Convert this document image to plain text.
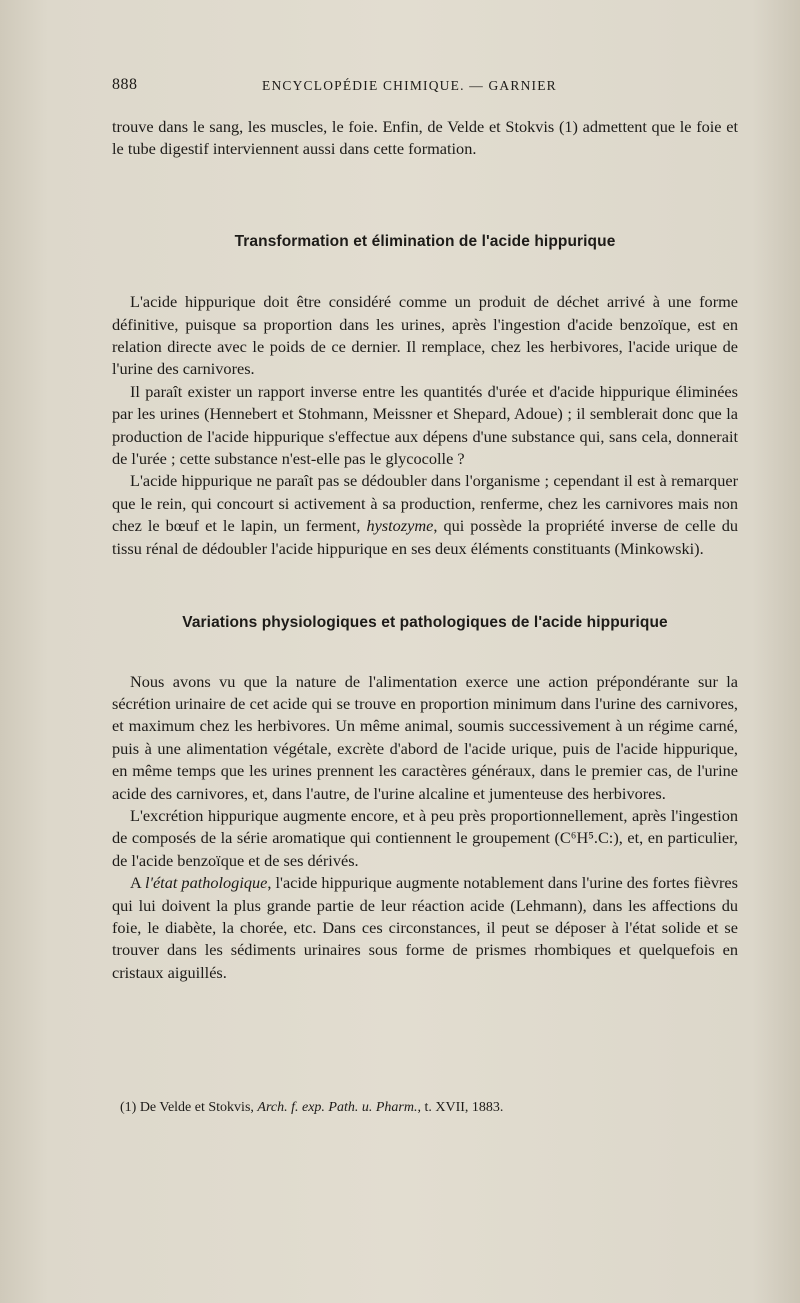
888	ENCYCLOPÉDIE CHIMIQUE. — GARNIER

trouve dans le sang, les muscles, le foie. Enfin, de Velde et Stokvis (1) admettent que le foie et le tube digestif interviennent aussi dans cette formation.

Transformation et élimination de l'acide hippurique

L'acide hippurique doit être considéré comme un produit de déchet arrivé à une forme définitive, puisque sa proportion dans les urines, après l'ingestion d'acide benzoïque, est en relation directe avec le poids de ce dernier. Il remplace, chez les herbivores, l'acide urique de l'urine des carnivores.

Il paraît exister un rapport inverse entre les quantités d'urée et d'acide hippurique éliminées par les urines (Hennebert et Stohmann, Meissner et Shepard, Adoue) ; il semblerait donc que la production de l'acide hippurique s'effectue aux dépens d'une substance qui, sans cela, donnerait de l'urée ; cette substance n'est-elle pas le glycocolle ?

L'acide hippurique ne paraît pas se dédoubler dans l'organisme ; cependant il est à remarquer que le rein, qui concourt si activement à sa production, renferme, chez les carnivores mais non chez le bœuf et le lapin, un ferment, hystozyme, qui possède la propriété inverse de celle du tissu rénal de dédoubler l'acide hippurique en ses deux éléments constituants (Minkowski).

Variations physiologiques et pathologiques de l'acide hippurique

Nous avons vu que la nature de l'alimentation exerce une action prépondérante sur la sécrétion urinaire de cet acide qui se trouve en proportion minimum dans l'urine des carnivores, et maximum chez les herbivores. Un même animal, soumis successivement à un régime carné, puis à une alimentation végétale, excrète d'abord de l'acide urique, puis de l'acide hippurique, en même temps que les urines prennent les caractères généraux, dans le premier cas, de l'urine acide des carnivores, et, dans l'autre, de l'urine alcaline et jumenteuse des herbivores.

L'excrétion hippurique augmente encore, et à peu près proportionnellement, après l'ingestion de composés de la série aromatique qui contiennent le groupement (C⁶H⁵.C:), et, en particulier, de l'acide benzoïque et de ses dérivés.

A l'état pathologique, l'acide hippurique augmente notablement dans l'urine des fortes fièvres qui lui doivent la plus grande partie de leur réaction acide (Lehmann), dans les affections du foie, le diabète, la chorée, etc. Dans ces circonstances, il peut se déposer à l'état solide et se trouver dans les sédiments urinaires sous forme de prismes rhombiques et quelquefois en cristaux aiguillés.

(1) De Velde et Stokvis, Arch. f. exp. Path. u. Pharm., t. XVII, 1883.
